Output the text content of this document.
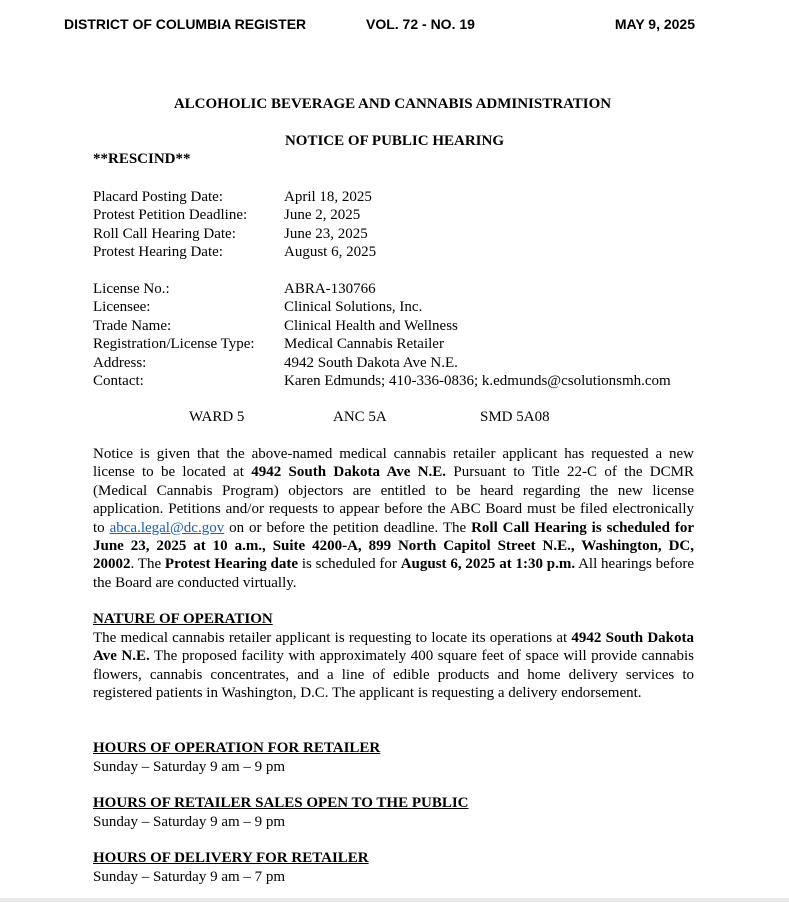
DISTRICT OF COLUMBIA REGISTER	VOL. 72 - NO. 19	MAY 9, 2025
ALCOHOLIC BEVERAGE AND CANNABIS ADMINISTRATION
NOTICE OF PUBLIC HEARING
**RESCIND**
Placard Posting Date:	April 18, 2025
Protest Petition Deadline: June 2, 2025
Roll Call Hearing Date:	June 23, 2025
Protest Hearing Date:	August 6, 2025
License No.:	ABRA-130766
Licensee:	Clinical Solutions, Inc.
Trade Name:	Clinical Health and Wellness
Registration/License Type: Medical Cannabis Retailer
Address:	4942 South Dakota Ave N.E.
Contact:	Karen Edmunds; 410-336-0836; k.edmunds@csolutionsmh.com
WARD 5	ANC 5A	SMD 5A08
Notice is given that the above-named medical cannabis retailer applicant has requested a new license to be located at 4942 South Dakota Ave N.E. Pursuant to Title 22-C of the DCMR (Medical Cannabis Program) objectors are entitled to be heard regarding the new license application. Petitions and/or requests to appear before the ABC Board must be filed electronically to abca.legal@dc.gov on or before the petition deadline. The Roll Call Hearing is scheduled for June 23, 2025 at 10 a.m., Suite 4200-A, 899 North Capitol Street N.E., Washington, DC, 20002. The Protest Hearing date is scheduled for August 6, 2025 at 1:30 p.m. All hearings before the Board are conducted virtually.
NATURE OF OPERATION
The medical cannabis retailer applicant is requesting to locate its operations at 4942 South Dakota Ave N.E. The proposed facility with approximately 400 square feet of space will provide cannabis flowers, cannabis concentrates, and a line of edible products and home delivery services to registered patients in Washington, D.C. The applicant is requesting a delivery endorsement.
HOURS OF OPERATION FOR RETAILER
Sunday – Saturday 9 am – 9 pm
HOURS OF RETAILER SALES OPEN TO THE PUBLIC
Sunday – Saturday 9 am – 9 pm
HOURS OF DELIVERY FOR RETAILER
Sunday – Saturday 9 am – 7 pm
